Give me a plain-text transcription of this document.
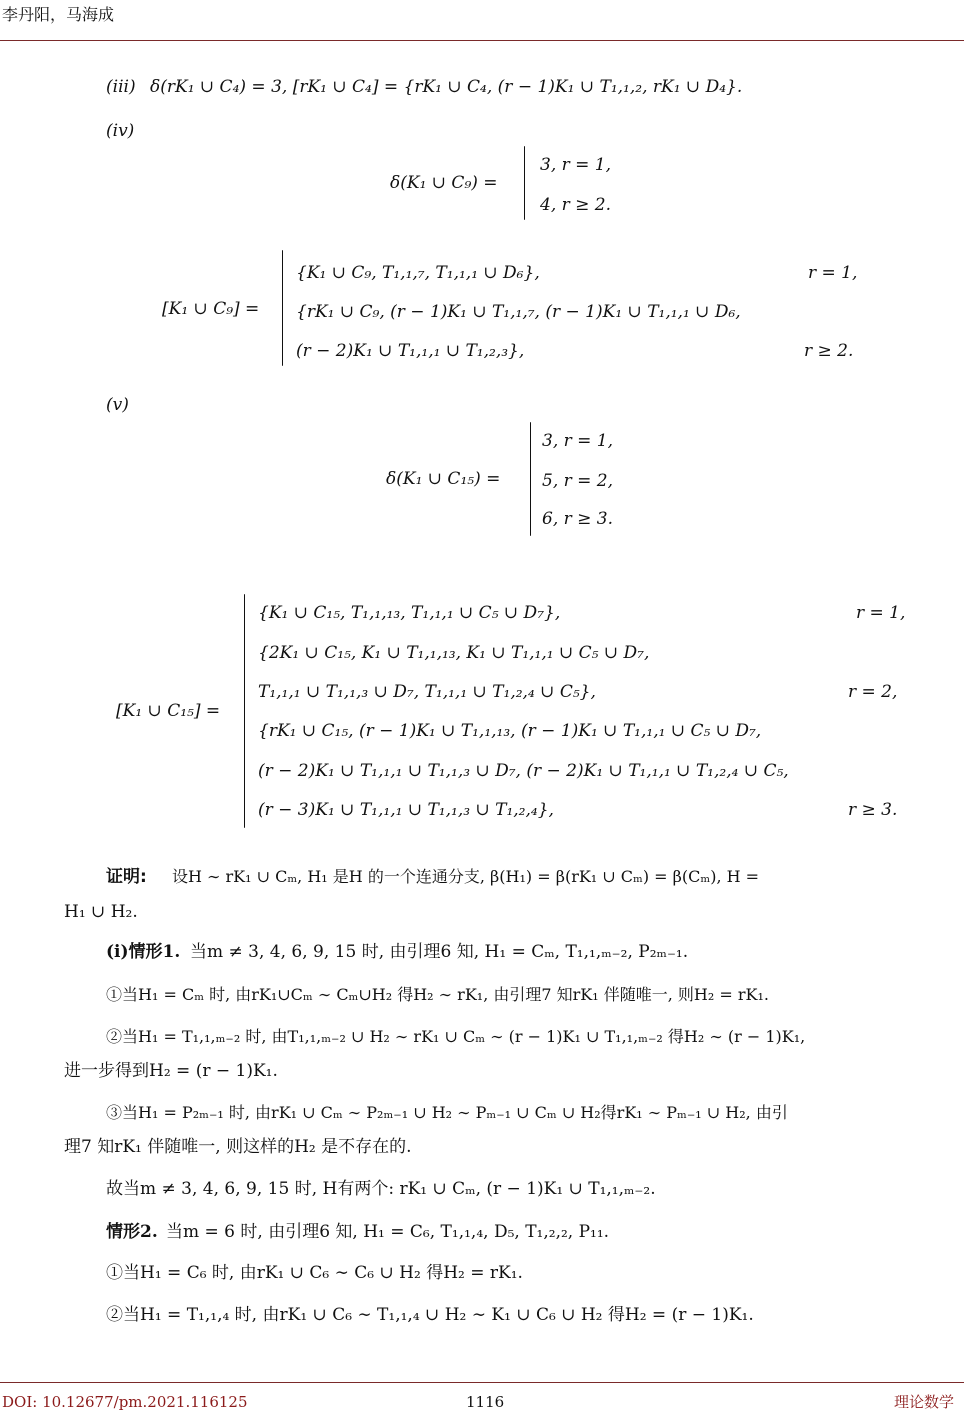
李丹阳，马海成
(iii) δ(rK₁ ∪ C₄) = 3, [rK₁ ∪ C₄] = {rK₁ ∪ C₄, (r − 1)K₁ ∪ T₁,₁,₂, rK₁ ∪ D₄}.
(iv)
δ(K₁ ∪ C₉) =
3, r = 1,
4, r ≥ 2.
[K₁ ∪ C₉] =
{K₁ ∪ C₉, T₁,₁,₇, T₁,₁,₁ ∪ D₆},	r = 1,
{rK₁ ∪ C₉, (r − 1)K₁ ∪ T₁,₁,₇, (r − 1)K₁ ∪ T₁,₁,₁ ∪ D₆,
(r − 2)K₁ ∪ T₁,₁,₁ ∪ T₁,₂,₃},	r ≥ 2.
(v)
δ(K₁ ∪ C₁₅) =
3, r = 1,
5, r = 2,
6, r ≥ 3.
[K₁ ∪ C₁₅] =
{K₁ ∪ C₁₅, T₁,₁,₁₃, T₁,₁,₁ ∪ C₅ ∪ D₇},	r = 1,
{2K₁ ∪ C₁₅, K₁ ∪ T₁,₁,₁₃, K₁ ∪ T₁,₁,₁ ∪ C₅ ∪ D₇,
T₁,₁,₁ ∪ T₁,₁,₃ ∪ D₇, T₁,₁,₁ ∪ T₁,₂,₄ ∪ C₅},	r = 2,
{rK₁ ∪ C₁₅, (r − 1)K₁ ∪ T₁,₁,₁₃, (r − 1)K₁ ∪ T₁,₁,₁ ∪ C₅ ∪ D₇,
(r − 2)K₁ ∪ T₁,₁,₁ ∪ T₁,₁,₃ ∪ D₇, (r − 2)K₁ ∪ T₁,₁,₁ ∪ T₁,₂,₄ ∪ C₅,
(r − 3)K₁ ∪ T₁,₁,₁ ∪ T₁,₁,₃ ∪ T₁,₂,₄},	r ≥ 3.
证明: 设H ∼ rK₁ ∪ Cₘ, H₁ 是H 的一个连通分支, β(H₁) = β(rK₁ ∪ Cₘ) = β(Cₘ), H =
H₁ ∪ H₂.
(i)情形1. 当m ≠ 3, 4, 6, 9, 15 时, 由引理6 知, H₁ = Cₘ, T₁,₁,ₘ₋₂, P₂ₘ₋₁.
①当H₁ = Cₘ 时, 由rK₁∪Cₘ ∼ Cₘ∪H₂ 得H₂ ∼ rK₁, 由引理7 知rK₁ 伴随唯一, 则H₂ = rK₁.
②当H₁ = T₁,₁,ₘ₋₂ 时, 由T₁,₁,ₘ₋₂ ∪ H₂ ∼ rK₁ ∪ Cₘ ∼ (r − 1)K₁ ∪ T₁,₁,ₘ₋₂ 得H₂ ∼ (r − 1)K₁,
进一步得到H₂ = (r − 1)K₁.
③当H₁ = P₂ₘ₋₁ 时, 由rK₁ ∪ Cₘ ∼ P₂ₘ₋₁ ∪ H₂ ∼ Pₘ₋₁ ∪ Cₘ ∪ H₂得rK₁ ∼ Pₘ₋₁ ∪ H₂, 由引
理7 知rK₁ 伴随唯一, 则这样的H₂ 是不存在的.
故当m ≠ 3, 4, 6, 9, 15 时, H有两个: rK₁ ∪ Cₘ, (r − 1)K₁ ∪ T₁,₁,ₘ₋₂.
情形2. 当m = 6 时, 由引理6 知, H₁ = C₆, T₁,₁,₄, D₅, T₁,₂,₂, P₁₁.
①当H₁ = C₆ 时, 由rK₁ ∪ C₆ ∼ C₆ ∪ H₂ 得H₂ = rK₁.
②当H₁ = T₁,₁,₄ 时, 由rK₁ ∪ C₆ ∼ T₁,₁,₄ ∪ H₂ ∼ K₁ ∪ C₆ ∪ H₂ 得H₂ = (r − 1)K₁.
DOI: 10.12677/pm.2021.116125	1116	理论数学
